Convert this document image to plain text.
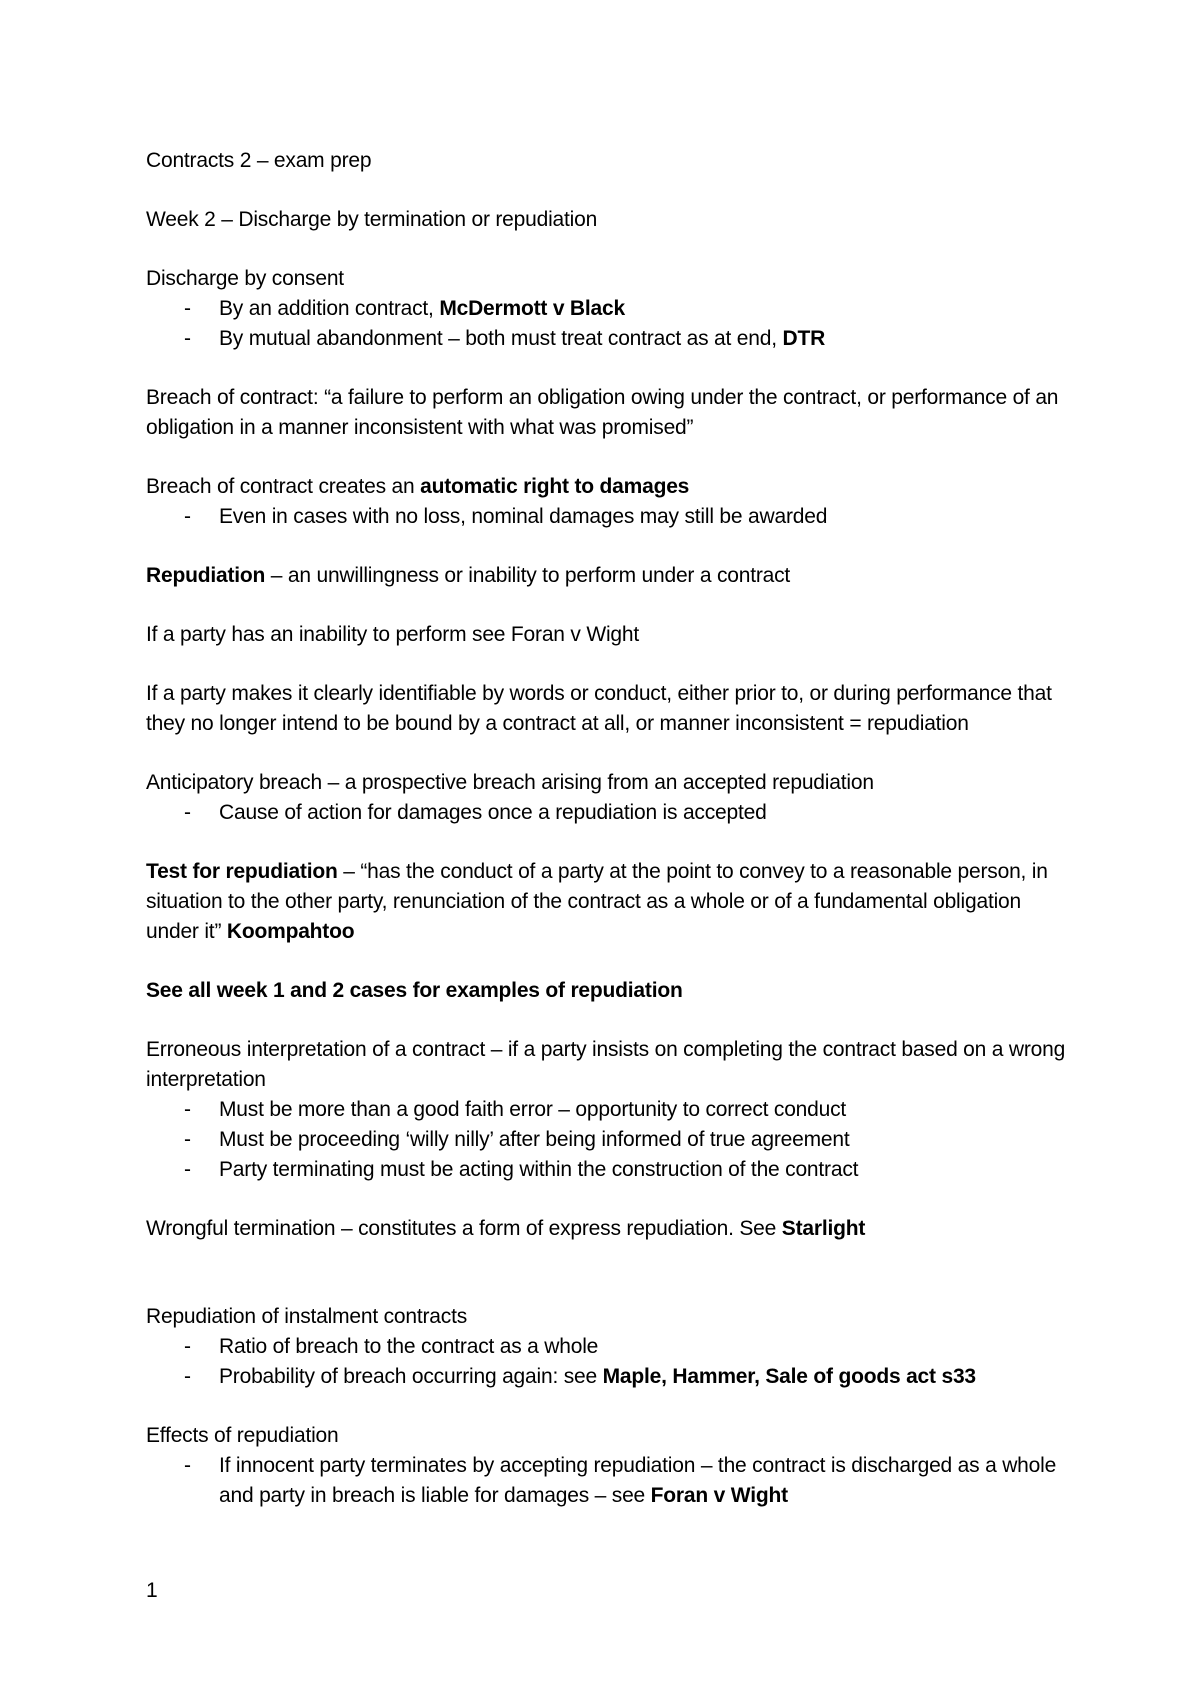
Contracts 2 – exam prep

Week 2 – Discharge by termination or repudiation

Discharge by consent

- By an addition contract, McDermott v Black
- By mutual abandonment – both must treat contract as at end, DTR

Breach of contract: “a failure to perform an obligation owing under the contract, or performance of an obligation in a manner inconsistent with what was promised”

Breach of contract creates an automatic right to damages

- Even in cases with no loss, nominal damages may still be awarded

Repudiation – an unwillingness or inability to perform under a contract

If a party has an inability to perform see Foran v Wight

If a party makes it clearly identifiable by words or conduct, either prior to, or during performance that they no longer intend to be bound by a contract at all, or manner inconsistent = repudiation

Anticipatory breach – a prospective breach arising from an accepted repudiation

- Cause of action for damages once a repudiation is accepted

Test for repudiation – “has the conduct of a party at the point to convey to a reasonable person, in situation to the other party, renunciation of the contract as a whole or of a fundamental obligation under it” Koompahtoo

See all week 1 and 2 cases for examples of repudiation

Erroneous interpretation of a contract – if a party insists on completing the contract based on a wrong interpretation

- Must be more than a good faith error – opportunity to correct conduct
- Must be proceeding ‘willy nilly’ after being informed of true agreement
- Party terminating must be acting within the construction of the contract

Wrongful termination – constitutes a form of express repudiation. See Starlight

Repudiation of instalment contracts

- Ratio of breach to the contract as a whole
- Probability of breach occurring again: see Maple, Hammer, Sale of goods act s33

Effects of repudiation

- If innocent party terminates by accepting repudiation – the contract is discharged as a whole and party in breach is liable for damages – see Foran v Wight
1
